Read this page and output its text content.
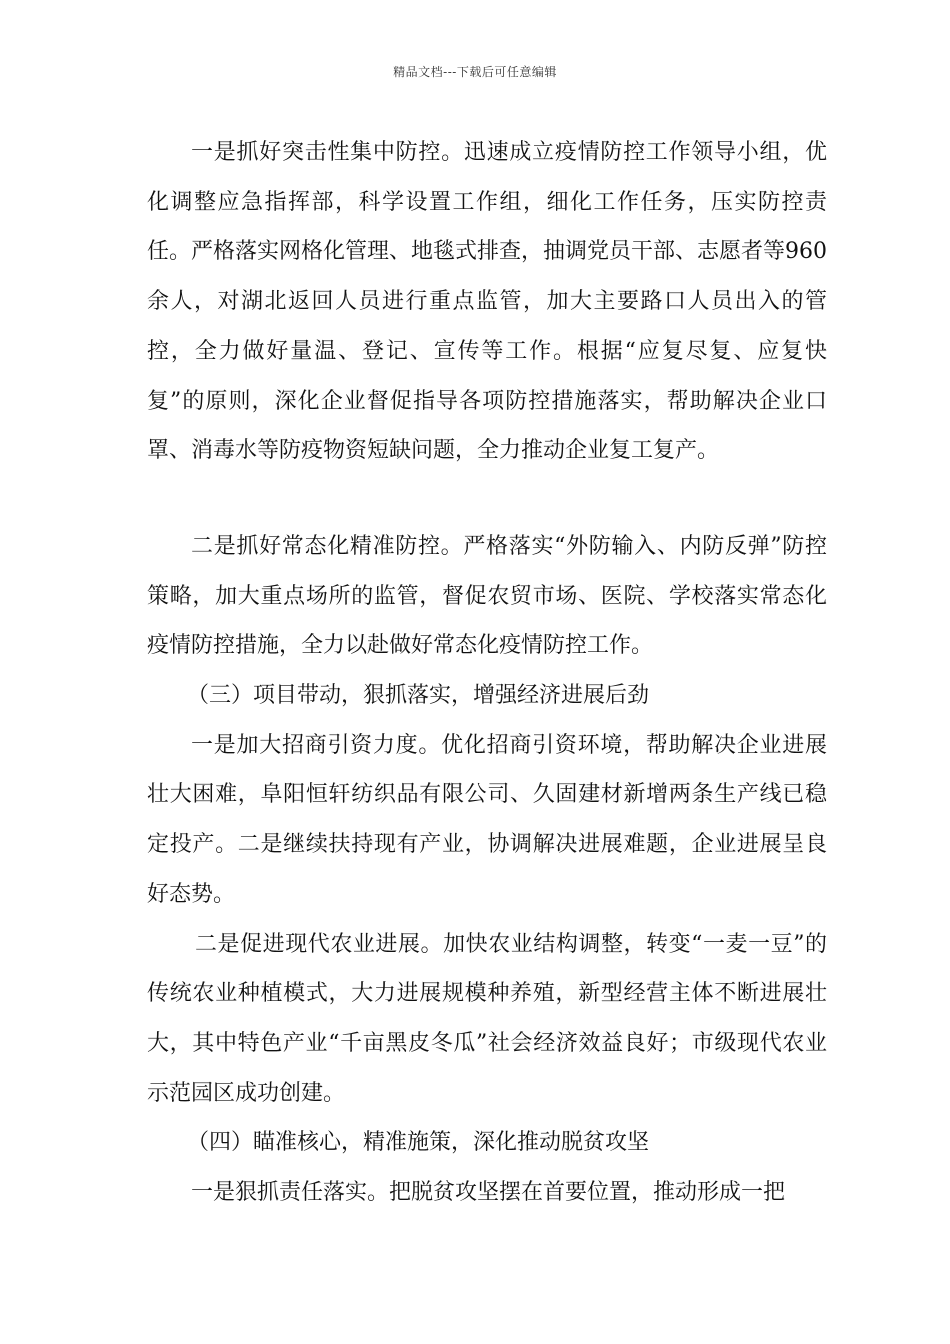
精品文档---下载后可任意编辑

一是抓好突击性集中防控。迅速成立疫情防控工作领导小组，优化调整应急指挥部，科学设置工作组，细化工作任务，压实防控责任。严格落实网格化管理、地毯式排查，抽调党员干部、志愿者等960余人，对湖北返回人员进行重点监管，加大主要路口人员出入的管控，全力做好量温、登记、宣传等工作。根据“应复尽复、应复快复”的原则，深化企业督促指导各项防控措施落实，帮助解决企业口罩、消毒水等防疫物资短缺问题，全力推动企业复工复产。

二是抓好常态化精准防控。严格落实“外防输入、内防反弹”防控策略，加大重点场所的监管，督促农贸市场、医院、学校落实常态化疫情防控措施，全力以赴做好常态化疫情防控工作。

（三）项目带动，狠抓落实，增强经济进展后劲

一是加大招商引资力度。优化招商引资环境，帮助解决企业进展壮大困难，阜阳恒轩纺织品有限公司、久固建材新增两条生产线已稳定投产。二是继续扶持现有产业，协调解决进展难题，企业进展呈良好态势。

二是促进现代农业进展。加快农业结构调整，转变“一麦一豆”的传统农业种植模式，大力进展规模种养殖，新型经营主体不断进展壮大，其中特色产业“千亩黑皮冬瓜”社会经济效益良好；市级现代农业示范园区成功创建。

（四）瞄准核心，精准施策，深化推动脱贫攻坚

一是狠抓责任落实。把脱贫攻坚摆在首要位置，推动形成一把
